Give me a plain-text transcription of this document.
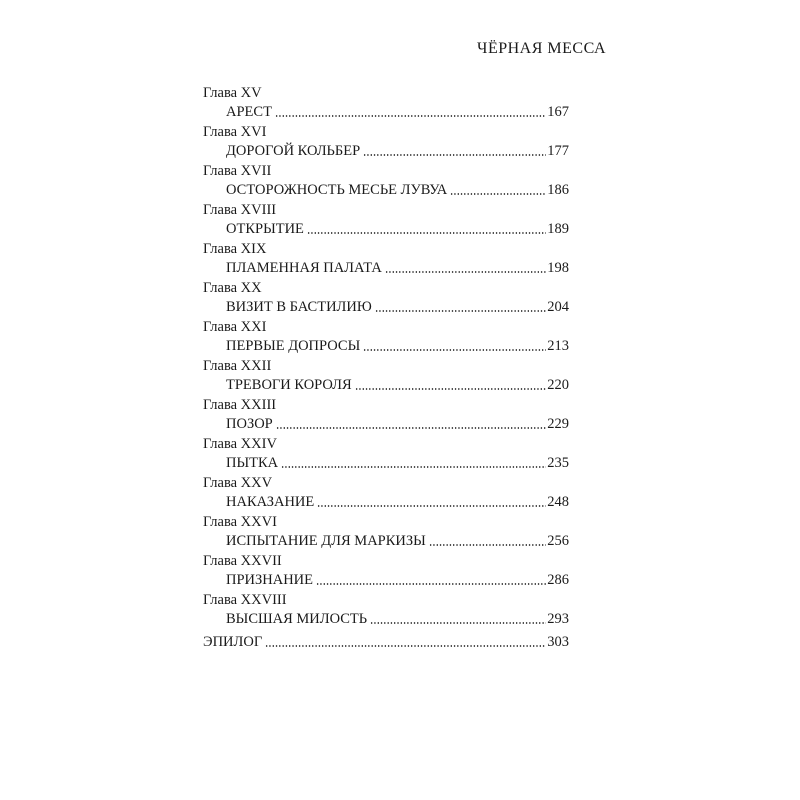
ЧЁРНАЯ МЕССА
Глава XV
АРЕСТ	167
Глава XVI
ДОРОГОЙ КОЛЬБЕР	177
Глава XVII
ОСТОРОЖНОСТЬ МЕСЬЕ ЛУВУА	186
Глава XVIII
ОТКРЫТИЕ	189
Глава XIX
ПЛАМЕННАЯ ПАЛАТА	198
Глава XX
ВИЗИТ В БАСТИЛИЮ	204
Глава XXI
ПЕРВЫЕ ДОПРОСЫ	213
Глава XXII
ТРЕВОГИ КОРОЛЯ	220
Глава XXIII
ПОЗОР	229
Глава XXIV
ПЫТКА	235
Глава XXV
НАКАЗАНИЕ	248
Глава XXVI
ИСПЫТАНИЕ ДЛЯ МАРКИЗЫ	256
Глава XXVII
ПРИЗНАНИЕ	286
Глава XXVIII
ВЫСШАЯ МИЛОСТЬ	293
ЭПИЛОГ	303
